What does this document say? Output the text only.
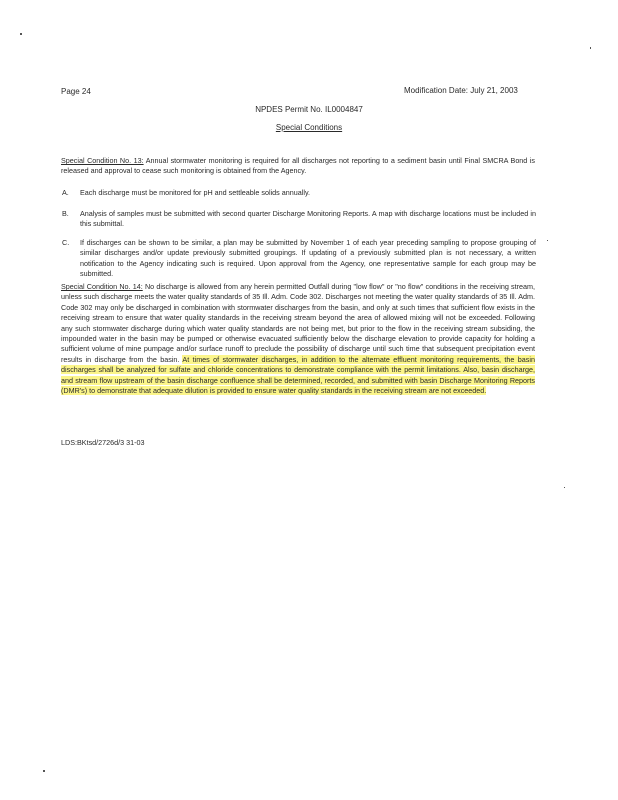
Page 24	Modification Date: July 21, 2003
NPDES Permit No. IL0004847
Special Conditions
Special Condition No. 13: Annual stormwater monitoring is required for all discharges not reporting to a sediment basin until Final SMCRA Bond is released and approval to cease such monitoring is obtained from the Agency.
A. Each discharge must be monitored for pH and settleable solids annually.
B. Analysis of samples must be submitted with second quarter Discharge Monitoring Reports. A map with discharge locations must be included in this submittal.
C. If discharges can be shown to be similar, a plan may be submitted by November 1 of each year preceding sampling to propose grouping of similar discharges and/or update previously submitted groupings. If updating of a previously submitted plan is not necessary, a written notification to the Agency indicating such is required. Upon approval from the Agency, one representative sample for each group may be submitted.
Special Condition No. 14: No discharge is allowed from any herein permitted Outfall during "low flow" or "no flow" conditions in the receiving stream, unless such discharge meets the water quality standards of 35 Ill. Adm. Code 302. Discharges not meeting the water quality standards of 35 Ill. Adm. Code 302 may only be discharged in combination with stormwater discharges from the basin, and only at such times that sufficient flow exists in the receiving stream to ensure that water quality standards in the receiving stream beyond the area of allowed mixing will not be exceeded. Following any such stormwater discharge during which water quality standards are not being met, but prior to the flow in the receiving stream subsiding, the impounded water in the basin may be pumped or otherwise evacuated sufficiently below the discharge elevation to provide capacity for holding a sufficient volume of mine pumpage and/or surface runoff to preclude the possibility of discharge until such time that subsequent precipitation event results in discharge from the basin. At times of stormwater discharges, in addition to the alternate effluent monitoring requirements, the basin discharges shall be analyzed for sulfate and chloride concentrations to demonstrate compliance with the permit limitations. Also, basin discharge, and stream flow upstream of the basin discharge confluence shall be determined, recorded, and submitted with basin Discharge Monitoring Reports (DMR's) to demonstrate that adequate dilution is provided to ensure water quality standards in the receiving stream are not exceeded.
LDS:BKtsd/2726d/3 31-03
